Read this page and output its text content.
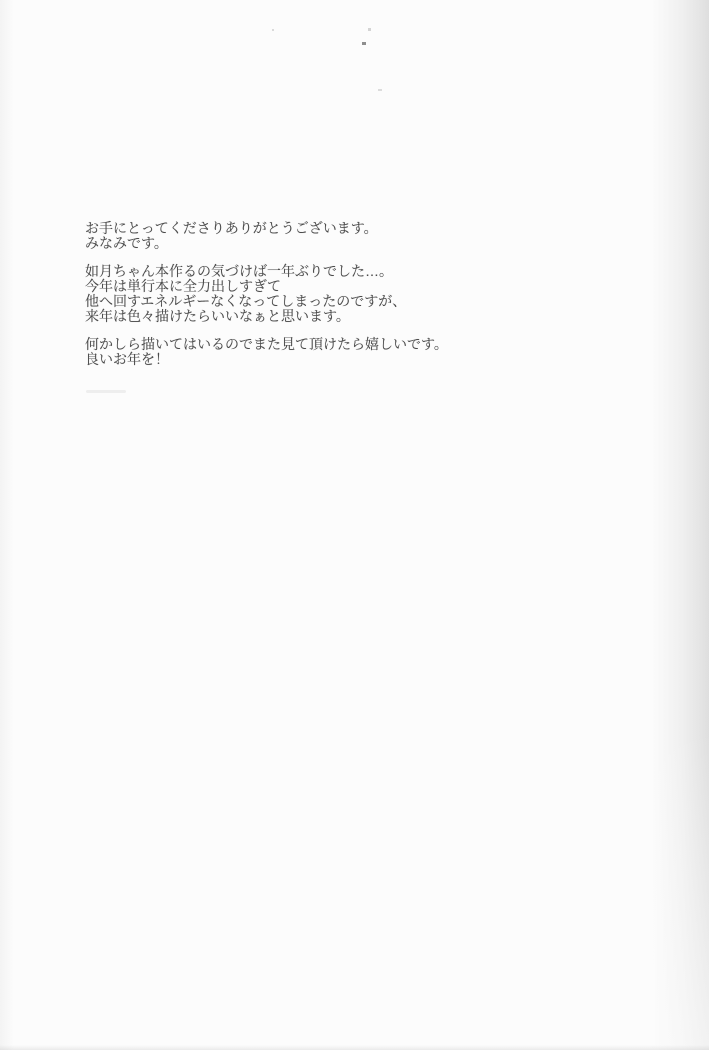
お手にとってくださりありがとうございます。
みなみです。

如月ちゃん本作るの気づけば一年ぶりでした…。
今年は単行本に全力出しすぎて
他へ回すエネルギーなくなってしまったのですが、
来年は色々描けたらいいなぁと思います。

何かしら描いてはいるのでまた見て頂けたら嬉しいです。
良いお年を！
